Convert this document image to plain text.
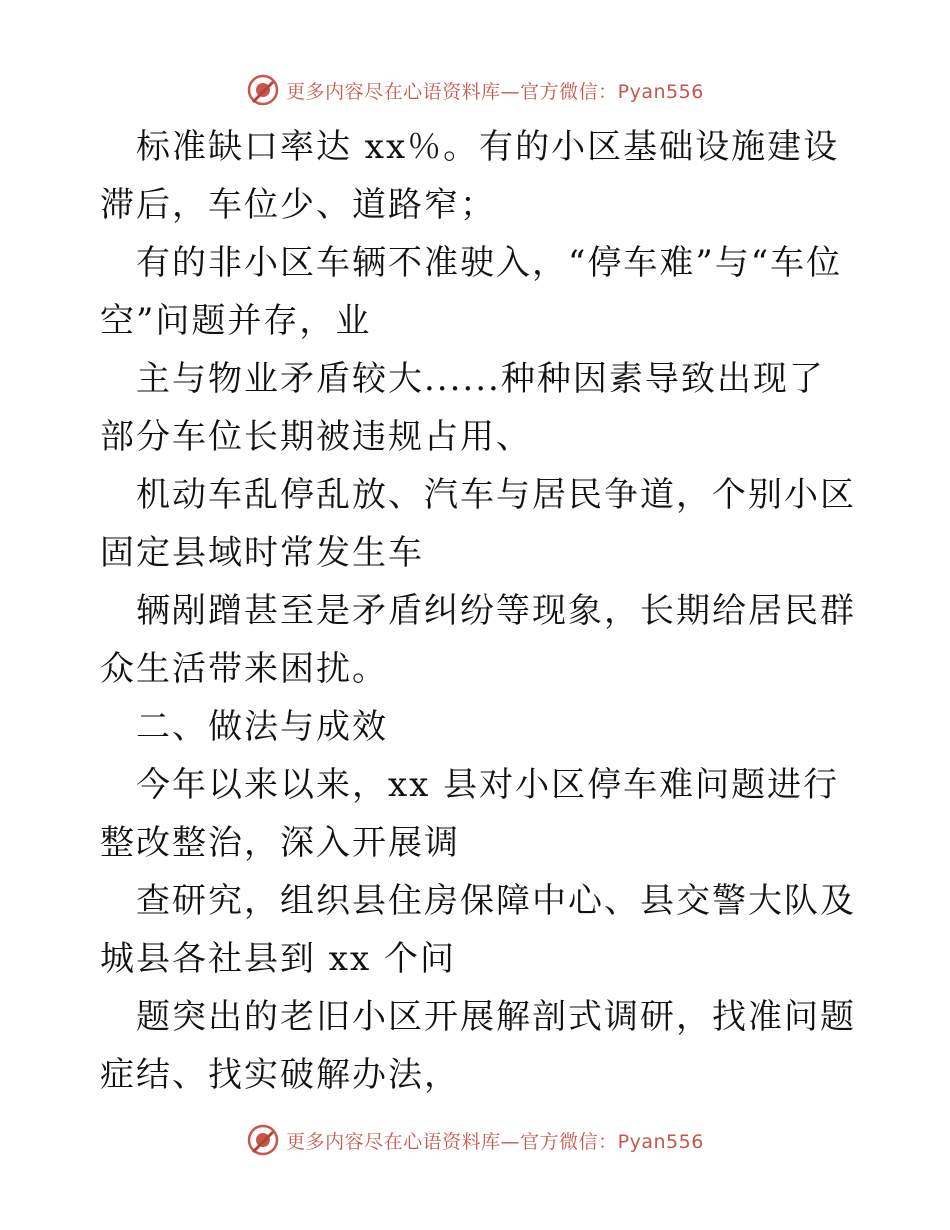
更多内容尽在心语资料库—官方微信：Pyan556

标准缺口率达 xx％。有的小区基础设施建设滞后，车位少、道路窄；

有的非小区车辆不准驶入，“停车难”与“车位空”问题并存，业

主与物业矛盾较大......种种因素导致出现了部分车位长期被违规占用、

机动车乱停乱放、汽车与居民争道，个别小区固定县域时常发生车

辆剐蹭甚至是矛盾纠纷等现象，长期给居民群众生活带来困扰。

二、做法与成效

今年以来以来，xx 县对小区停车难问题进行整改整治，深入开展调

查研究，组织县住房保障中心、县交警大队及城县各社县到 xx 个问

题突出的老旧小区开展解剖式调研，找准问题症结、找实破解办法，

更多内容尽在心语资料库—官方微信：Pyan556
